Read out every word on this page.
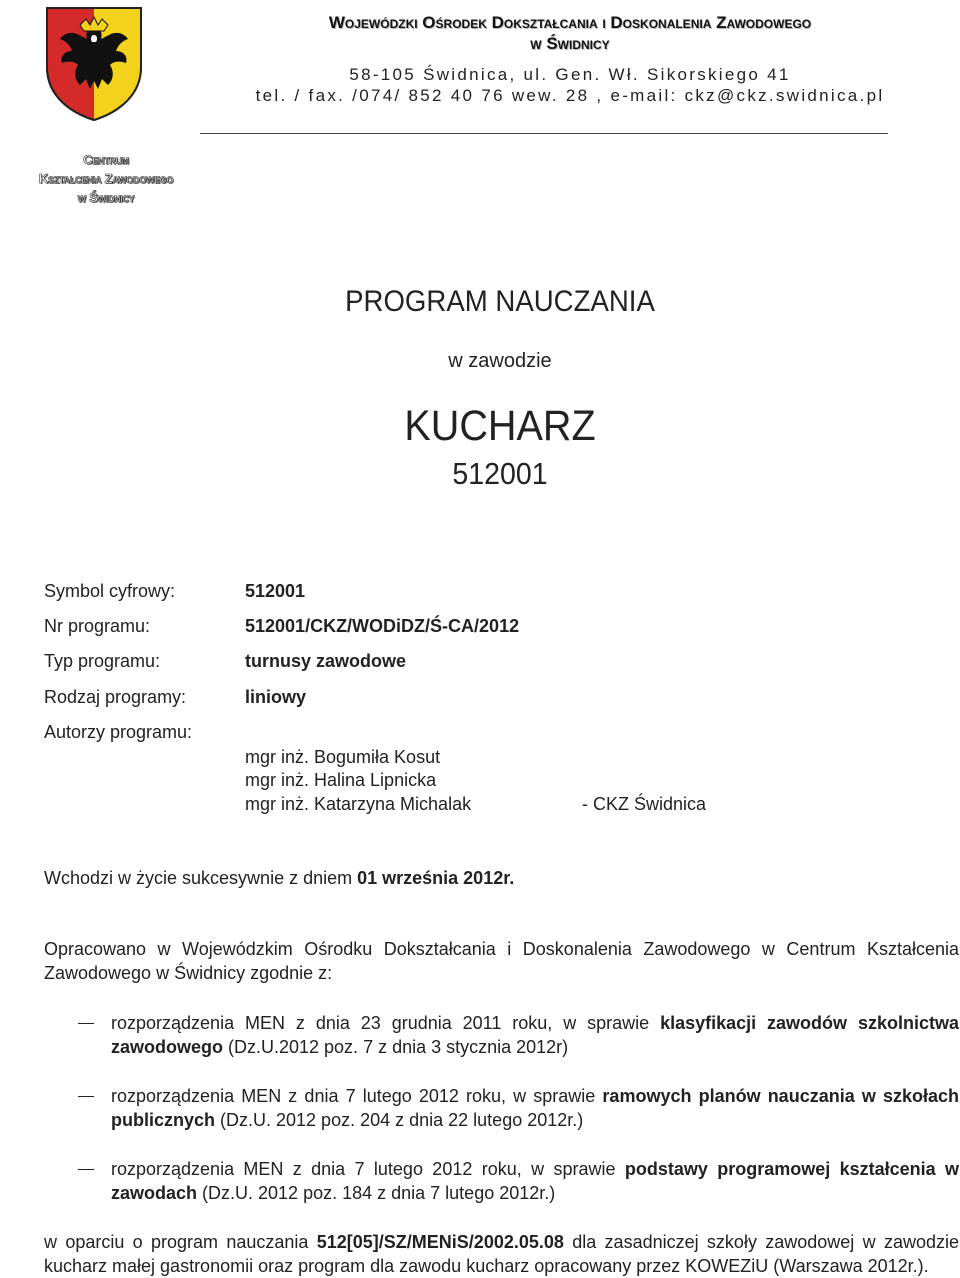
Wojewódzki Ośrodek Dokształcania i Doskonalenia Zawodowego
w Świdnicy
58-105 Świdnica, ul. Gen. Wł. Sikorskiego 41
tel. / fax. /074/ 852 40 76 wew. 28 , e-mail: ckz@ckz.swidnica.pl
Centrum
Kształcenia Zawodowego
w Świdnicy
PROGRAM NAUCZANIA
w zawodzie
KUCHARZ
512001
Symbol cyfrowy:	512001
Nr programu:	512001/CKZ/WODiDZ/Ś-CA/2012
Typ programu:	turnusy zawodowe
Rodzaj programy:	liniowy
Autorzy programu:
mgr inż. Bogumiła Kosut
mgr inż. Halina Lipnicka
mgr inż. Katarzyna Michalak	- CKZ Świdnica
Wchodzi w życie sukcesywnie z dniem 01 września 2012r.
Opracowano w Wojewódzkim Ośrodku Dokształcania i Doskonalenia Zawodowego w Centrum Kształcenia Zawodowego w Świdnicy zgodnie z:
rozporządzenia MEN z dnia 23 grudnia 2011 roku, w sprawie klasyfikacji zawodów szkolnictwa zawodowego (Dz.U.2012 poz. 7 z dnia 3 stycznia 2012r)
rozporządzenia MEN z dnia 7 lutego 2012 roku, w sprawie ramowych planów nauczania w szkołach publicznych (Dz.U. 2012 poz. 204 z dnia 22 lutego 2012r.)
rozporządzenia MEN z dnia 7 lutego 2012 roku, w sprawie podstawy programowej kształcenia w zawodach (Dz.U. 2012 poz. 184 z dnia 7 lutego 2012r.)
w oparciu o program nauczania 512[05]/SZ/MENiS/2002.05.08 dla zasadniczej szkoły zawodowej w zawodzie kucharz małej gastronomii oraz program dla zawodu kucharz opracowany przez KOWEZiU (Warszawa 2012r.).
